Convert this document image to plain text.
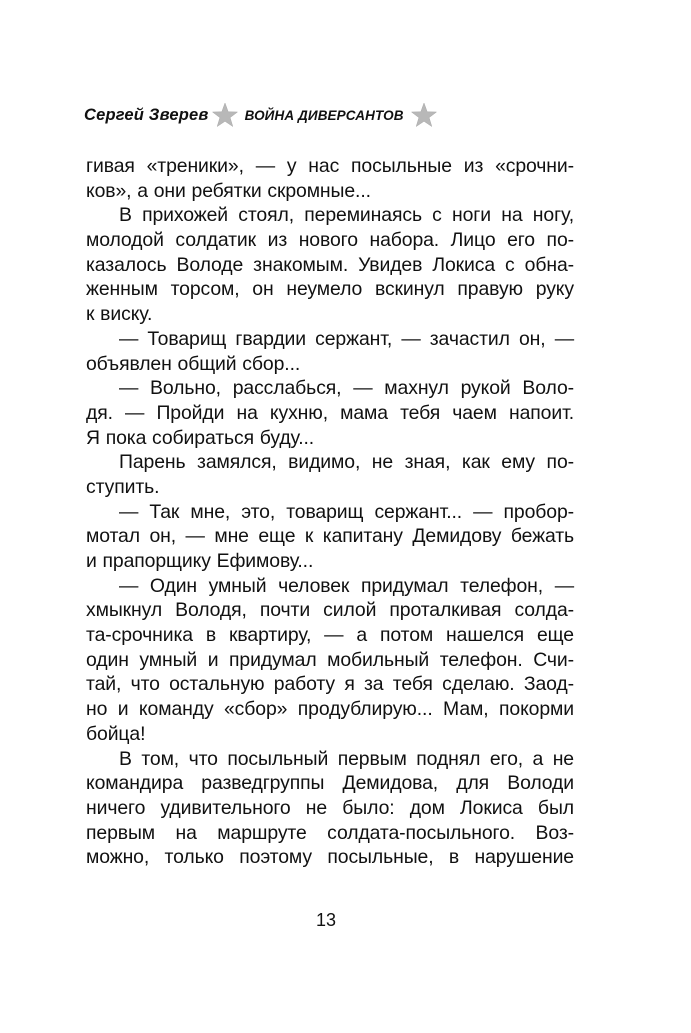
Сергей Зверев	ВОЙНА ДИВЕРСАНТОВ
гивая «треники», — у нас посыльные из «срочни-
ков», а они ребятки скромные...
В прихожей стоял, переминаясь с ноги на ногу,
молодой солдатик из нового набора. Лицо его по-
казалось Володе знакомым. Увидев Локиса с обна-
женным торсом, он неумело вскинул правую руку
к виску.
— Товарищ гвардии сержант, — зачастил он, —
объявлен общий сбор...
— Вольно, расслабься, — махнул рукой Воло-
дя. — Пройди на кухню, мама тебя чаем напоит.
Я пока собираться буду...
Парень замялся, видимо, не зная, как ему по-
ступить.
— Так мне, это, товарищ сержант... — пробор-
мотал он, — мне еще к капитану Демидову бежать
и прапорщику Ефимову...
— Один умный человек придумал телефон, —
хмыкнул Володя, почти силой проталкивая солда-
та-срочника в квартиру, — а потом нашелся еще
один умный и придумал мобильный телефон. Счи-
тай, что остальную работу я за тебя сделаю. Заод-
но и команду «сбор» продублирую... Мам, покорми
бойца!
В том, что посыльный первым поднял его, а не
командира разведгруппы Демидова, для Володи
ничего удивительного не было: дом Локиса был
первым на маршруте солдата-посыльного. Воз-
можно, только поэтому посыльные, в нарушение
13
